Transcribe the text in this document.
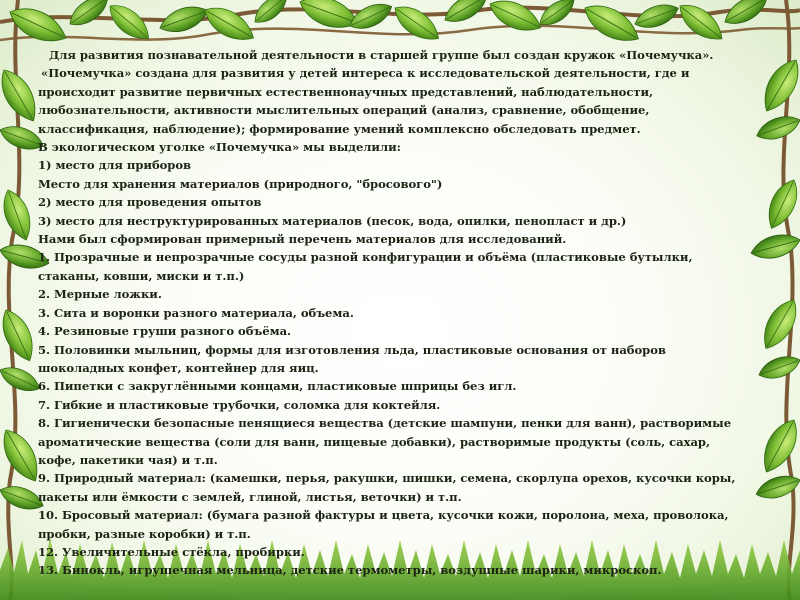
Для развития познавательной деятельности в старшей группе был создан кружок «Почемучка».

«Почемучка» создана для развития у детей интереса к исследовательской деятельности, где и

происходит развитие первичных естественнонаучных представлений, наблюдательности,

любознательности, активности мыслительных операций (анализ, сравнение, обобщение,

классификация, наблюдение); формирование умений комплексно обследовать предмет.

В экологическом уголке «Почемучка» мы выделили:

1) место для приборов

Место для хранения материалов (природного, "бросового")

2) место для проведения опытов

3) место для неструктурированных материалов (песок, вода, опилки, пенопласт и др.)

Нами был сформирован примерный перечень материалов для исследований.

1. Прозрачные и непрозрачные сосуды разной конфигурации и объёма (пластиковые бутылки,

стаканы, ковши, миски и т.п.)

2. Мерные ложки.

3. Сита и воронки разного материала, объема.

4. Резиновые груши разного объёма.

5. Половинки мыльниц, формы для изготовления льда, пластиковые основания от наборов

шоколадных конфет, контейнер для яиц.

6. Пипетки с закруглёнными концами, пластиковые шприцы без игл.

7. Гибкие и пластиковые трубочки, соломка для коктейля.

8. Гигиенически безопасные пенящиеся вещества (детские шампуни, пенки для ванн), растворимые

ароматические вещества (соли для ванн, пищевые добавки), растворимые продукты (соль, сахар,

кофе, пакетики чая) и т.п.

9. Природный материал: (камешки, перья, ракушки, шишки, семена, скорлупа орехов, кусочки коры,

пакеты или ёмкости с землей, глиной, листья, веточки) и т.п.

10. Бросовый материал: (бумага разной фактуры и цвета, кусочки кожи, поролона, меха, проволока,

пробки, разные коробки) и т.п.

12. Увеличительные стёкла, пробирки.

13. Бинокль, игрушечная мельница, детские термометры, воздушные шарики, микроскоп.
